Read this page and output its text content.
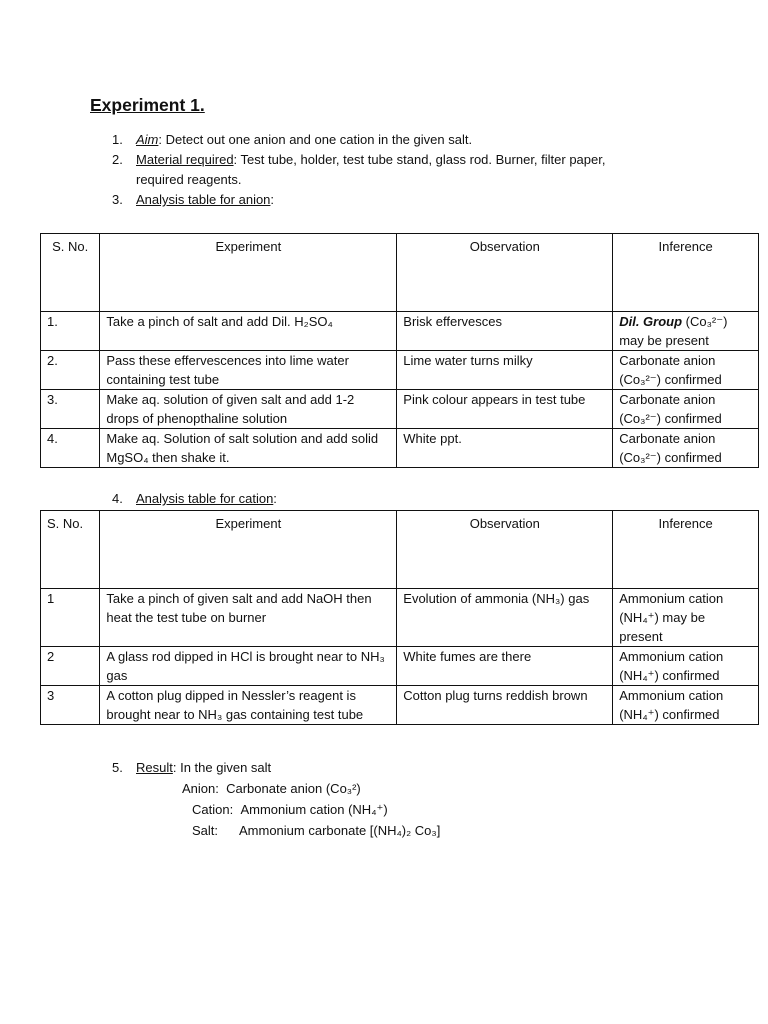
Experiment 1.
1. Aim: Detect out one anion and one cation in the given salt.
2. Material required: Test tube, holder, test tube stand, glass rod. Burner, filter paper,
required reagents.
3. Analysis table for anion:
S. No.	Experiment	Observation	Inference
1.	Take a pinch of salt and add Dil. H₂SO₄	Brisk effervesces	Dil. Group (Co₃²⁻) may be present
2.	Pass these effervescences into lime water containing test tube	Lime water turns milky	Carbonate anion (Co₃²⁻) confirmed
3.	Make aq. solution of given salt and add 1-2 drops of phenopthaline solution	Pink colour appears in test tube	Carbonate anion (Co₃²⁻) confirmed
4.	Make aq. Solution of salt solution and add solid MgSO₄ then shake it.	White ppt.	Carbonate anion (Co₃²⁻) confirmed
4. Analysis table for cation:
S. No.	Experiment	Observation	Inference
1	Take a pinch of given salt and add NaOH then heat the test tube on burner	Evolution of ammonia (NH₃) gas	Ammonium cation (NH₄⁺) may be present
2	A glass rod dipped in HCl is brought near to NH₃ gas	White fumes are there	Ammonium cation (NH₄⁺) confirmed
3	A cotton plug dipped in Nessler’s reagent is brought near to NH₃ gas containing test tube	Cotton plug turns reddish brown	Ammonium cation (NH₄⁺) confirmed
5. Result: In the given salt
Anion: Carbonate anion (Co₃²)
Cation: Ammonium cation (NH₄⁺)
Salt: Ammonium carbonate [(NH₄)₂ Co₃]
